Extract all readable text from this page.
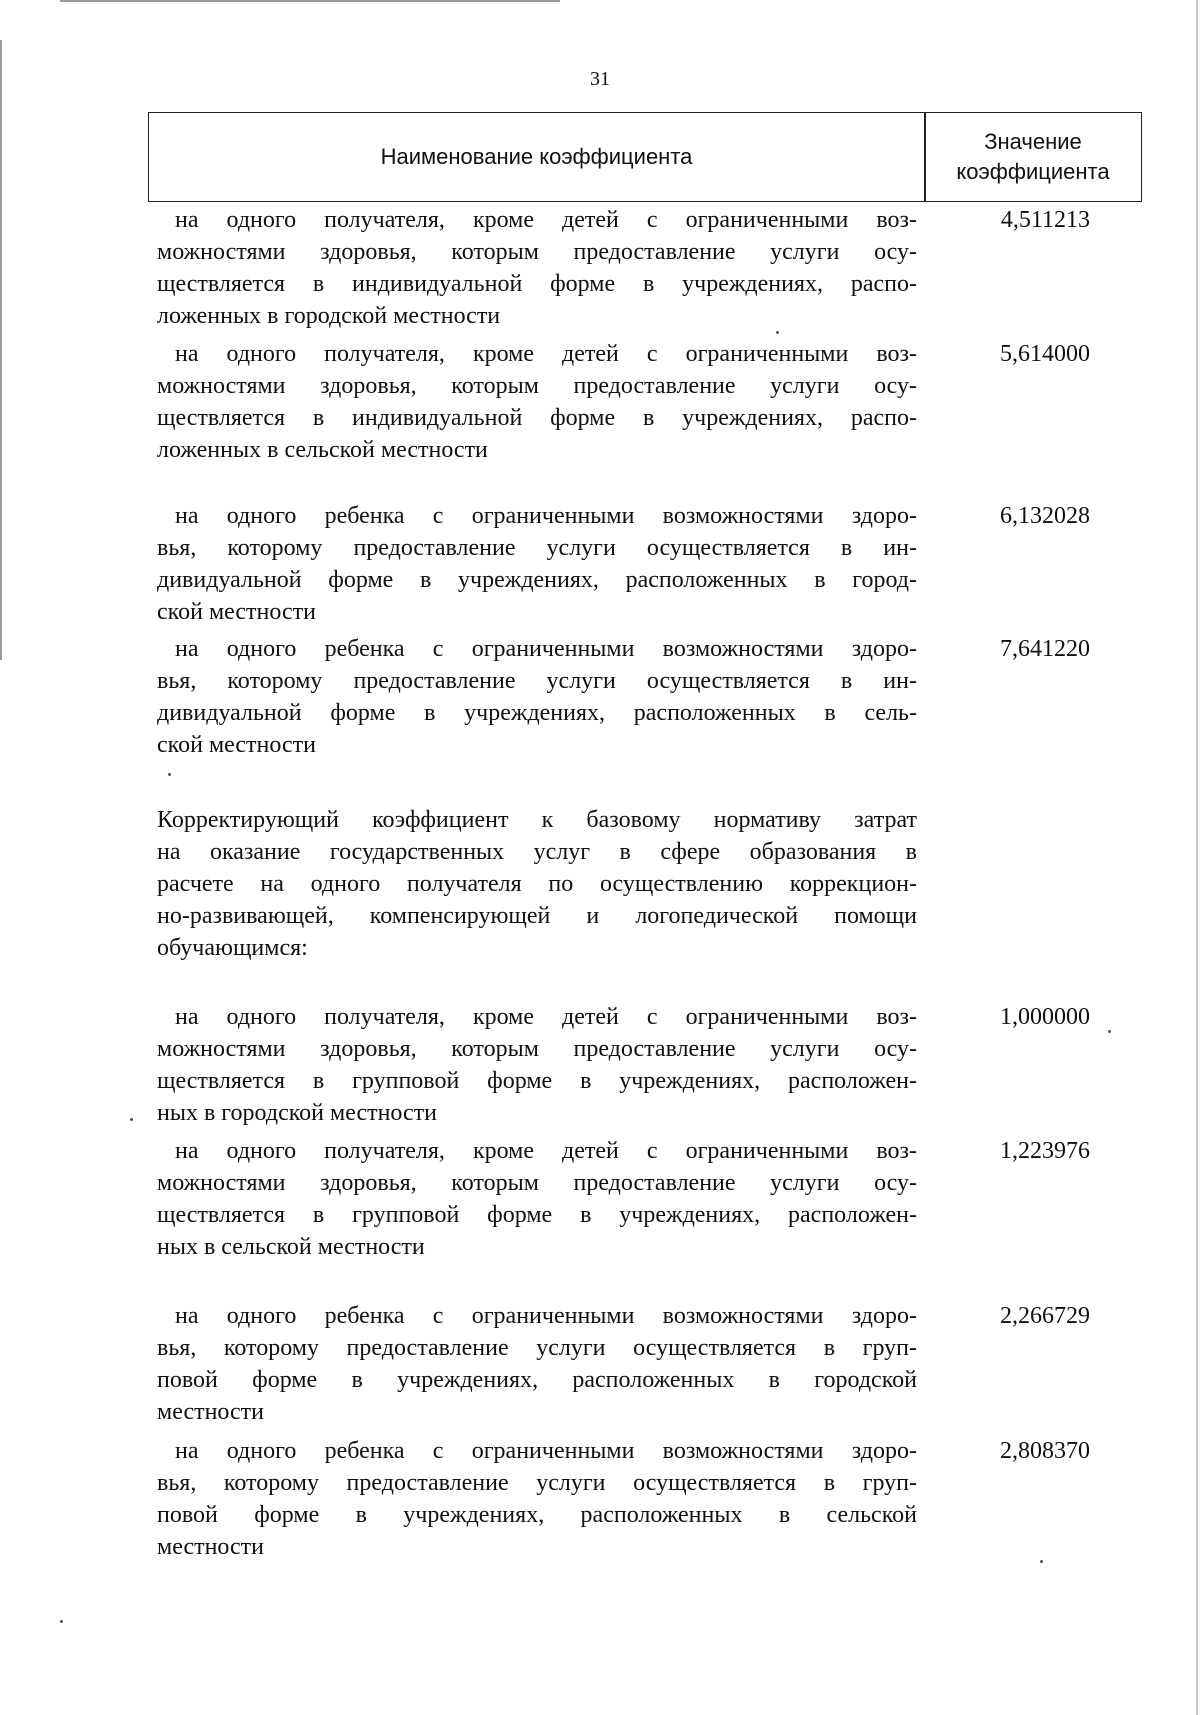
31
Наименование коэффициента
Значение
коэффициента
на одного получателя, кроме детей с ограниченными воз-
можностями здоровья, которым предоставление услуги осу-
ществляется в индивидуальной форме в учреждениях, распо-
ложенных в городской местности
4,511213
на одного получателя, кроме детей с ограниченными воз-
можностями здоровья, которым предоставление услуги осу-
ществляется в индивидуальной форме в учреждениях, распо-
ложенных в сельской местности
5,614000
на одного ребенка с ограниченными возможностями здоро-
вья, которому предоставление услуги осуществляется в ин-
дивидуальной форме в учреждениях, расположенных в город-
ской местности
6,132028
на одного ребенка с ограниченными возможностями здоро-
вья, которому предоставление услуги осуществляется в ин-
дивидуальной форме в учреждениях, расположенных в сель-
ской местности
7,641220
Корректирующий коэффициент к базовому нормативу затрат
на оказание государственных услуг в сфере образования в
расчете на одного получателя по осуществлению коррекцион-
но-развивающей, компенсирующей и логопедической помощи
обучающимся:
на одного получателя, кроме детей с ограниченными воз-
можностями здоровья, которым предоставление услуги осу-
ществляется в групповой форме в учреждениях, расположен-
ных в городской местности
1,000000
на одного получателя, кроме детей с ограниченными воз-
можностями здоровья, которым предоставление услуги осу-
ществляется в групповой форме в учреждениях, расположен-
ных в сельской местности
1,223976
на одного ребенка с ограниченными возможностями здоро-
вья, которому предоставление услуги осуществляется в груп-
повой форме в учреждениях, расположенных в городской
местности
2,266729
на одного ребенка с ограниченными возможностями здоро-
вья, которому предоставление услуги осуществляется в груп-
повой форме в учреждениях, расположенных в сельской
местности
2,808370
